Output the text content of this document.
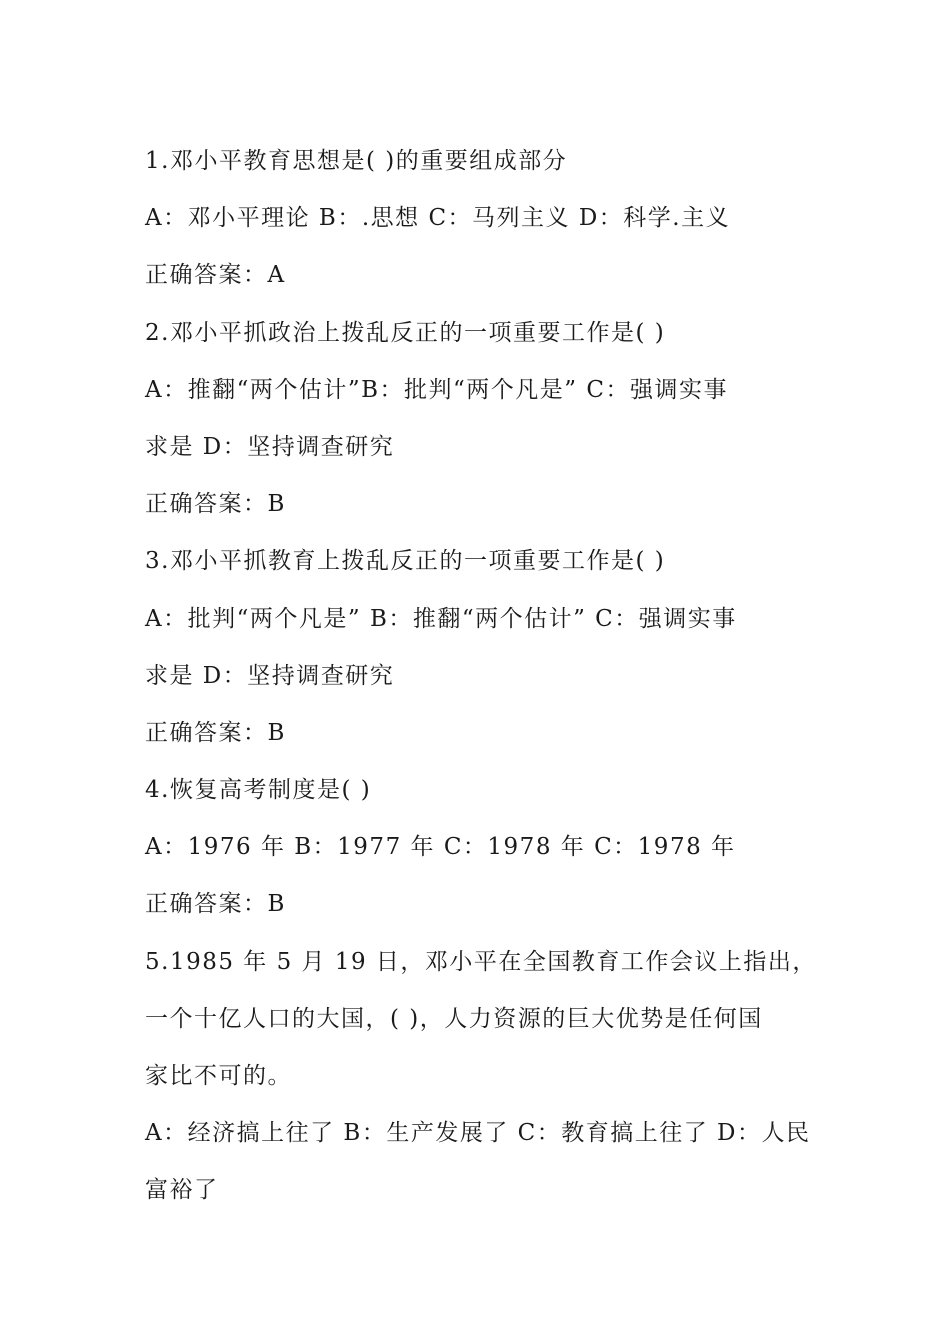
1.邓小平教育思想是( )的重要组成部分
A：邓小平理论 B：.思想 C：马列主义 D：科学.主义
正确答案：A
2.邓小平抓政治上拨乱反正的一项重要工作是( )
A：推翻“两个估计”B：批判“两个凡是” C：强调实事
求是 D：坚持调查研究
正确答案：B
3.邓小平抓教育上拨乱反正的一项重要工作是( )
A：批判“两个凡是” B：推翻“两个估计” C：强调实事
求是 D：坚持调查研究
正确答案：B
4.恢复高考制度是( )
A：1976 年 B：1977 年 C：1978 年 C：1978 年
正确答案：B
5.1985 年 5 月 19 日，邓小平在全国教育工作会议上指出，
一个十亿人口的大国，( )，人力资源的巨大优势是任何国
家比不可的。
A：经济搞上往了 B：生产发展了 C：教育搞上往了 D：人民
富裕了
